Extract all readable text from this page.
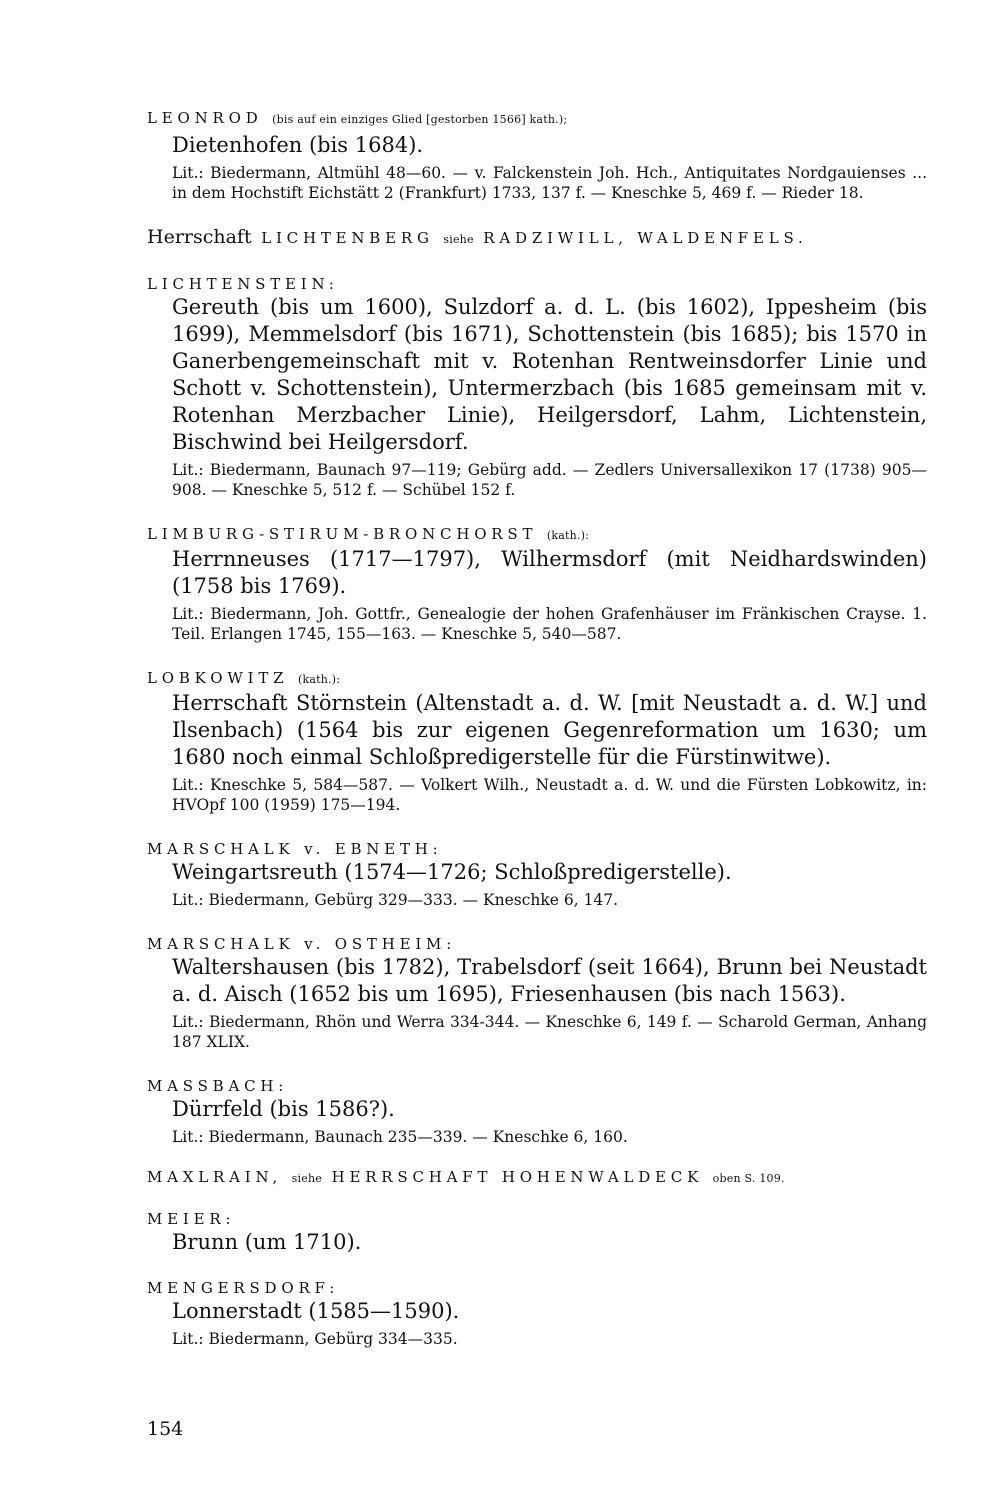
LEONROD (bis auf ein einziges Glied [gestorben 1566] kath.);
Dietenhofen (bis 1684).
Lit.: Biedermann, Altmühl 48—60. — v. Falckenstein Joh. Hch., Antiquitates Nordgauienses ... in dem Hochstift Eichstätt 2 (Frankfurt) 1733, 137 f. — Kneschke 5, 469 f. — Rieder 18.
Herrschaft LICHTENBERG siehe RADZIWILL, WALDENFELS.
LICHTENSTEIN:
Gereuth (bis um 1600), Sulzdorf a. d. L. (bis 1602), Ippesheim (bis 1699), Memmelsdorf (bis 1671), Schottenstein (bis 1685); bis 1570 in Ganerbengemeinschaft mit v. Rotenhan Rentweinsdorfer Linie und Schott v. Schottenstein), Untermerzbach (bis 1685 gemeinsam mit v. Rotenhan Merzbacher Linie), Heilgersdorf, Lahm, Lichtenstein, Bischwind bei Heilgersdorf.
Lit.: Biedermann, Baunach 97—119; Gebürg add. — Zedlers Universallexikon 17 (1738) 905—908. — Kneschke 5, 512 f. — Schübel 152 f.
LIMBURG-STIRUM-BRONCHORST (kath.):
Herrnneuses (1717—1797), Wilhermsdorf (mit Neidhardswinden) (1758 bis 1769).
Lit.: Biedermann, Joh. Gottfr., Genealogie der hohen Grafenhäuser im Fränkischen Crayse. 1. Teil. Erlangen 1745, 155—163. — Kneschke 5, 540—587.
LOBKOWITZ (kath.):
Herrschaft Störnstein (Altenstadt a. d. W. [mit Neustadt a. d. W.] und Ilsenbach) (1564 bis zur eigenen Gegenreformation um 1630; um 1680 noch einmal Schloßpredigerstelle für die Fürstinwitwe).
Lit.: Kneschke 5, 584—587. — Volkert Wilh., Neustadt a. d. W. und die Fürsten Lobkowitz, in: HVOpf 100 (1959) 175—194.
MARSCHALK v. EBNETH:
Weingartsreuth (1574—1726; Schloßpredigerstelle).
Lit.: Biedermann, Gebürg 329—333. — Kneschke 6, 147.
MARSCHALK v. OSTHEIM:
Waltershausen (bis 1782), Trabelsdorf (seit 1664), Brunn bei Neustadt a. d. Aisch (1652 bis um 1695), Friesenhausen (bis nach 1563).
Lit.: Biedermann, Rhön und Werra 334-344. — Kneschke 6, 149 f. — Scharold German, Anhang 187 XLIX.
MASSBACH:
Dürrfeld (bis 1586?).
Lit.: Biedermann, Baunach 235—339. — Kneschke 6, 160.
MAXLRAIN, siehe HERRSCHAFT HOHENWALDECK oben S. 109.
MEIER:
Brunn (um 1710).
MENGERSDORF:
Lonnerstadt (1585—1590).
Lit.: Biedermann, Gebürg 334—335.
154
